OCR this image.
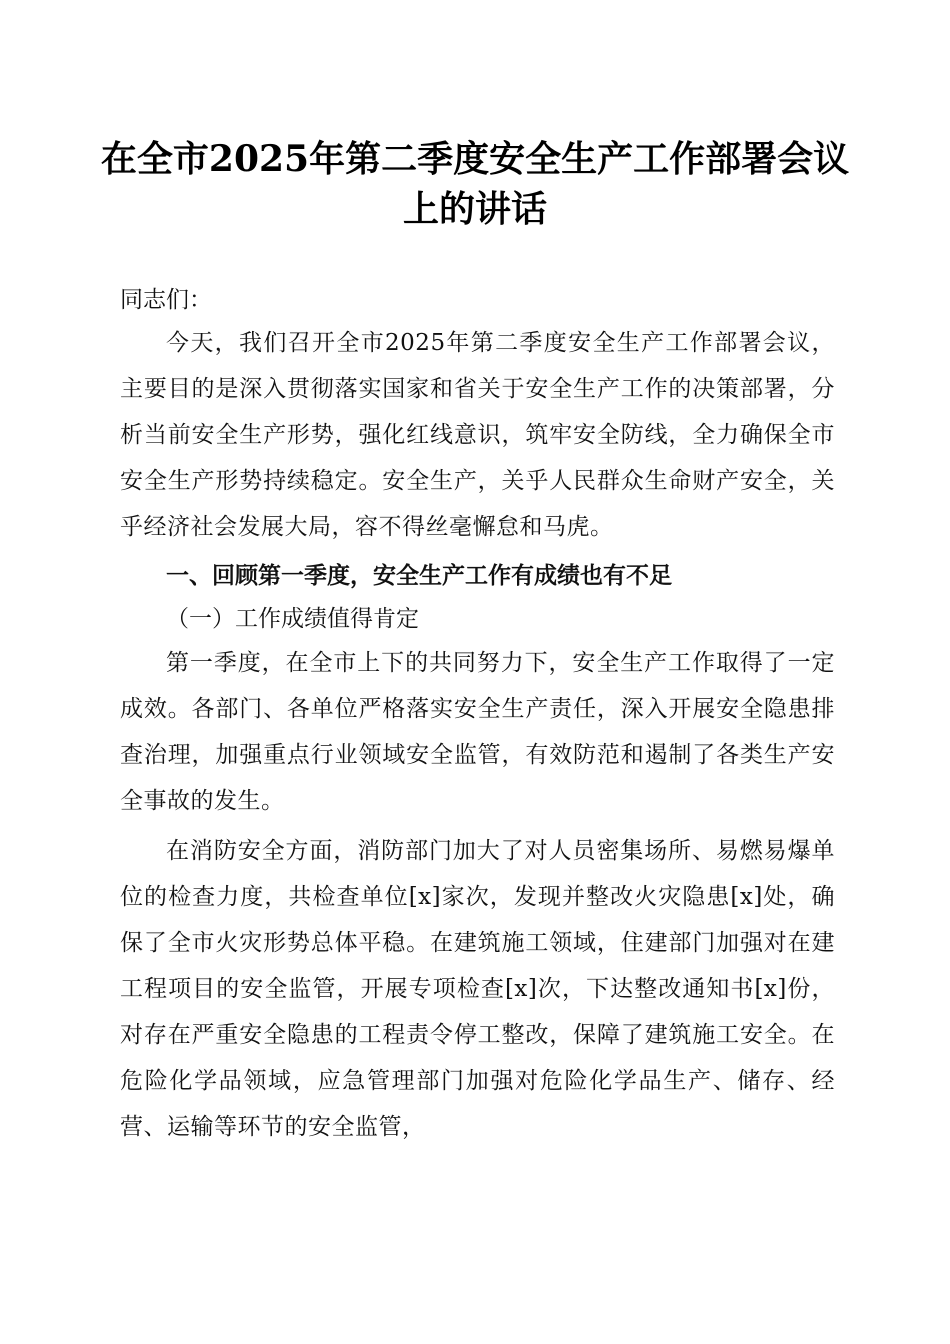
在全市2025年第二季度安全生产工作部署会议上的讲话

同志们：

今天，我们召开全市2025年第二季度安全生产工作部署会议，主要目的是深入贯彻落实国家和省关于安全生产工作的决策部署，分析当前安全生产形势，强化红线意识，筑牢安全防线，全力确保全市安全生产形势持续稳定。安全生产，关乎人民群众生命财产安全，关乎经济社会发展大局，容不得丝毫懈怠和马虎。

一、回顾第一季度，安全生产工作有成绩也有不足

（一）工作成绩值得肯定

第一季度，在全市上下的共同努力下，安全生产工作取得了一定成效。各部门、各单位严格落实安全生产责任，深入开展安全隐患排查治理，加强重点行业领域安全监管，有效防范和遏制了各类生产安全事故的发生。

在消防安全方面，消防部门加大了对人员密集场所、易燃易爆单位的检查力度，共检查单位[x]家次，发现并整改火灾隐患[x]处，确保了全市火灾形势总体平稳。在建筑施工领域，住建部门加强对在建工程项目的安全监管，开展专项检查[x]次，下达整改通知书[x]份，对存在严重安全隐患的工程责令停工整改，保障了建筑施工安全。在危险化学品领域，应急管理部门加强对危险化学品生产、储存、经营、运输等环节的安全监管，
